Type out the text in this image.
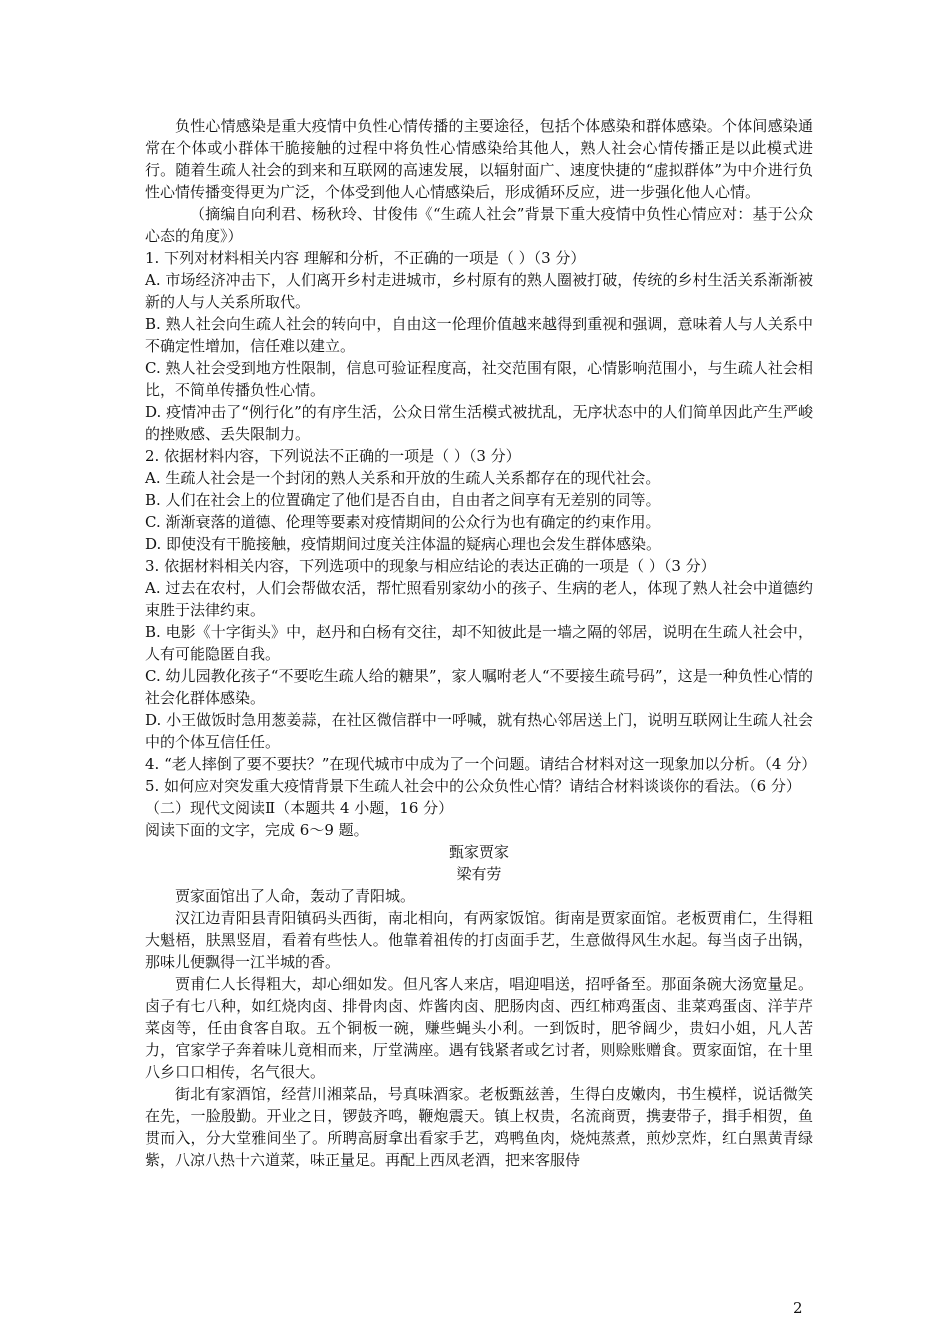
负性心情感染是重大疫情中负性心情传播的主要途径，包括个体感染和群体感染。个体间感染通常在个体或小群体干脆接触的过程中将负性心情感染给其他人，熟人社会心情传播正是以此模式进行。随着生疏人社会的到来和互联网的高速发展，以辐射面广、速度快捷的“虚拟群体”为中介进行负性心情传播变得更为广泛，个体受到他人心情感染后，形成循环反应，进一步强化他人心情。

（摘编自向利君、杨秋玲、甘俊伟《“生疏人社会”背景下重大疫情中负性心情应对：基于公众心态的角度》）

1. 下列对材料相关内容 理解和分析，不正确的一项是（ ）（3 分）

A. 市场经济冲击下，人们离开乡村走进城市，乡村原有的熟人圈被打破，传统的乡村生活关系渐渐被新的人与人关系所取代。

B. 熟人社会向生疏人社会的转向中，自由这一伦理价值越来越得到重视和强调，意味着人与人关系中不确定性增加，信任难以建立。

C. 熟人社会受到地方性限制，信息可验证程度高，社交范围有限，心情影响范围小，与生疏人社会相比，不简单传播负性心情。

D. 疫情冲击了“例行化”的有序生活，公众日常生活模式被扰乱，无序状态中的人们简单因此产生严峻的挫败感、丢失限制力。

2. 依据材料内容，下列说法不正确的一项是（ ）（3 分）

A. 生疏人社会是一个封闭的熟人关系和开放的生疏人关系都存在的现代社会。

B. 人们在社会上的位置确定了他们是否自由，自由者之间享有无差别的同等。

C. 渐渐衰落的道德、伦理等要素对疫情期间的公众行为也有确定的约束作用。

D. 即使没有干脆接触，疫情期间过度关注体温的疑病心理也会发生群体感染。

3. 依据材料相关内容，下列选项中的现象与相应结论的表达正确的一项是（ ）（3 分）

A. 过去在农村，人们会帮做农活，帮忙照看别家幼小的孩子、生病的老人，体现了熟人社会中道德约束胜于法律约束。

B. 电影《十字街头》中，赵丹和白杨有交往，却不知彼此是一墙之隔的邻居，说明在生疏人社会中，人有可能隐匿自我。

C. 幼儿园教化孩子“不要吃生疏人给的糖果”，家人嘱咐老人“不要接生疏号码”，这是一种负性心情的社会化群体感染。

D. 小王做饭时急用葱姜蒜，在社区微信群中一呼喊，就有热心邻居送上门，说明互联网让生疏人社会中的个体互信任任。

4. “老人摔倒了要不要扶？”在现代城市中成为了一个问题。请结合材料对这一现象加以分析。（4 分）

5. 如何应对突发重大疫情背景下生疏人社会中的公众负性心情？请结合材料谈谈你的看法。（6 分）

（二）现代文阅读Ⅱ（本题共 4 小题，16 分）

阅读下面的文字，完成 6～9 题。

甄家贾家

梁有劳

贾家面馆出了人命，轰动了青阳城。

汉江边青阳县青阳镇码头西街，南北相向，有两家饭馆。街南是贾家面馆。老板贾甫仁，生得粗大魁梧，肤黑竖眉，看着有些怯人。他靠着祖传的打卤面手艺，生意做得风生水起。每当卤子出锅，那味儿便飘得一江半城的香。

贾甫仁人长得粗大，却心细如发。但凡客人来店，唱迎唱送，招呼备至。那面条碗大汤宽量足。卤子有七八种，如红烧肉卤、排骨肉卤、炸酱肉卤、肥肠肉卤、西红柿鸡蛋卤、韭菜鸡蛋卤、洋芋芹菜卤等，任由食客自取。五个铜板一碗，赚些蝇头小利。一到饭时，肥爷阔少，贵妇小姐，凡人苦力，官家学子奔着味儿竟相而来，厅堂满座。遇有钱紧者或乞讨者，则赊账赠食。贾家面馆，在十里八乡口口相传，名气很大。

街北有家酒馆，经营川湘菜品，号真味酒家。老板甄兹善，生得白皮嫩肉，书生模样，说话微笑在先，一脸殷勤。开业之日，锣鼓齐鸣，鞭炮震天。镇上权贵，名流商贾，携妻带子，揖手相贺，鱼贯而入，分大堂雅间坐了。所聘高厨拿出看家手艺，鸡鸭鱼肉，烧炖蒸煮，煎炒烹炸，红白黑黄青绿紫，八凉八热十六道菜，味正量足。再配上西凤老酒，把来客服侍

2
